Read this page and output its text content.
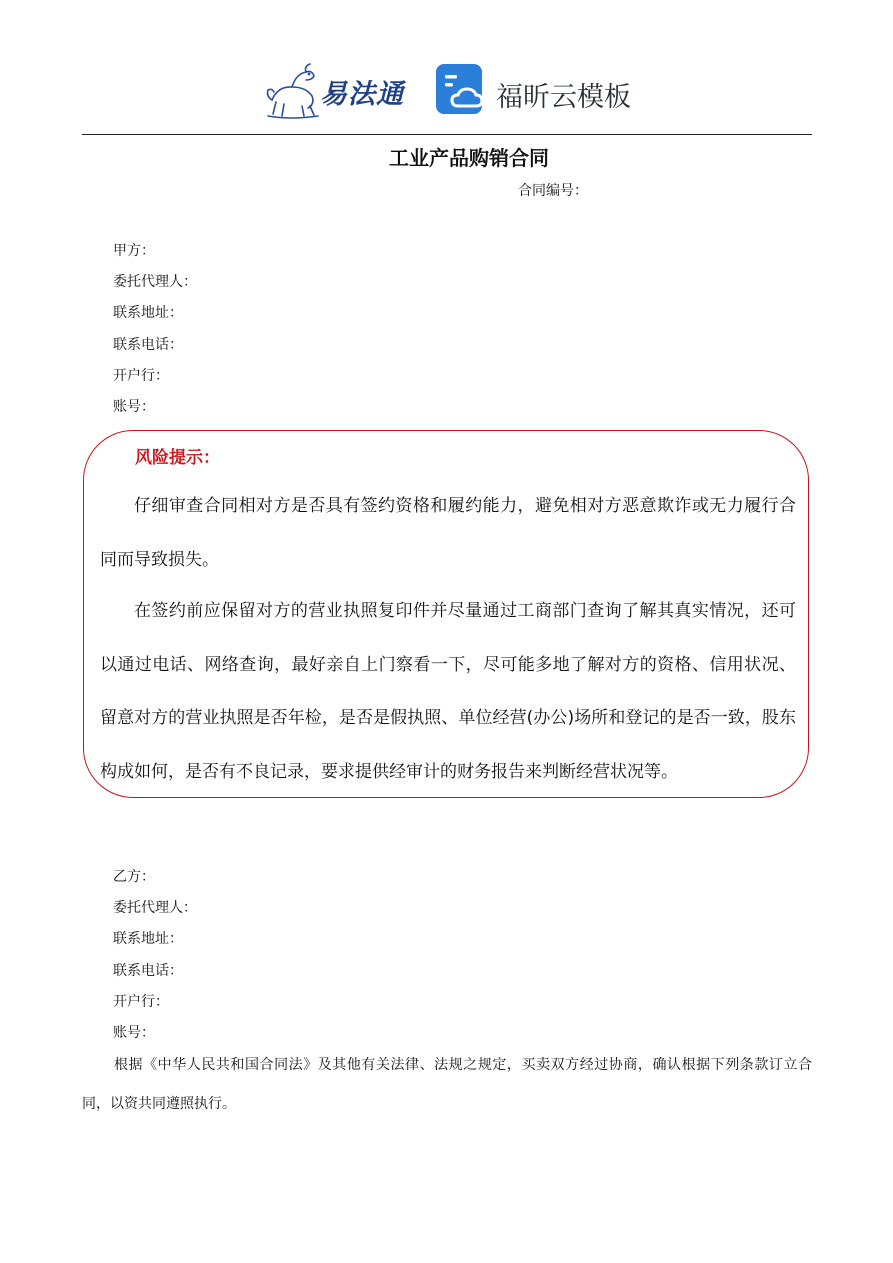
易法通	福昕云模板
工业产品购销合同
合同编号：
甲方：
委托代理人：
联系地址：
联系电话：
开户行：
账号：
风险提示：
仔细审查合同相对方是否具有签约资格和履约能力，避免相对方恶意欺诈或无力履行合同而导致损失。
在签约前应保留对方的营业执照复印件并尽量通过工商部门查询了解其真实情况，还可以通过电话、网络查询，最好亲自上门察看一下，尽可能多地了解对方的资格、信用状况、留意对方的营业执照是否年检，是否是假执照、单位经营(办公)场所和登记的是否一致，股东构成如何，是否有不良记录，要求提供经审计的财务报告来判断经营状况等。
乙方：
委托代理人：
联系地址：
联系电话：
开户行：
账号：
根据《中华人民共和国合同法》及其他有关法律、法规之规定，买卖双方经过协商，确认根据下列条款订立合同，以资共同遵照执行。
